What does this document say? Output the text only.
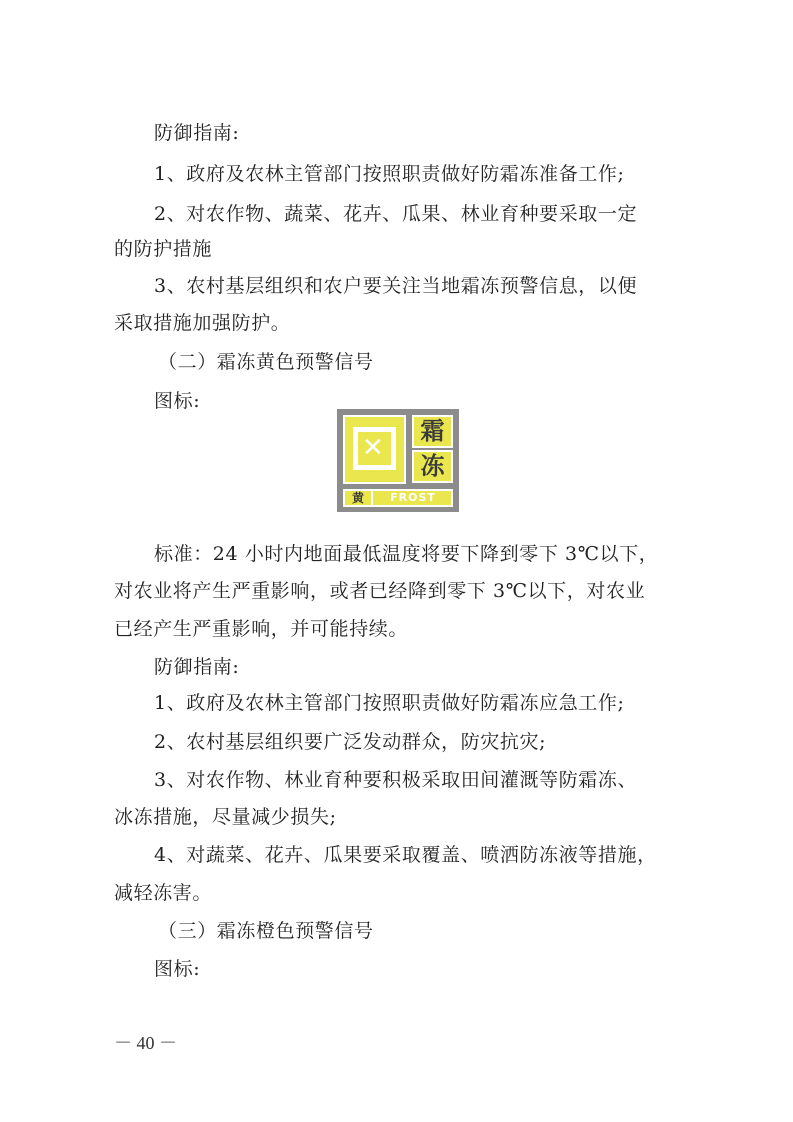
防御指南:
1、政府及农林主管部门按照职责做好防霜冻准备工作;
2、对农作物、蔬菜、花卉、瓜果、林业育种要采取一定
的防护措施
3、农村基层组织和农户要关注当地霜冻预警信息，以便
采取措施加强防护。
（二）霜冻黄色预警信号
图标:
✕
霜
冻
黄	FROST
标准：24 小时内地面最低温度将要下降到零下 3℃以下，
对农业将产生严重影响，或者已经降到零下 3℃以下，对农业
已经产生严重影响，并可能持续。
防御指南:
1、政府及农林主管部门按照职责做好防霜冻应急工作;
2、农村基层组织要广泛发动群众，防灾抗灾;
3、对农作物、林业育种要积极采取田间灌溉等防霜冻、
冰冻措施，尽量减少损失;
4、对蔬菜、花卉、瓜果要采取覆盖、喷洒防冻液等措施，
减轻冻害。
（三）霜冻橙色预警信号
图标:
－ 40 －
